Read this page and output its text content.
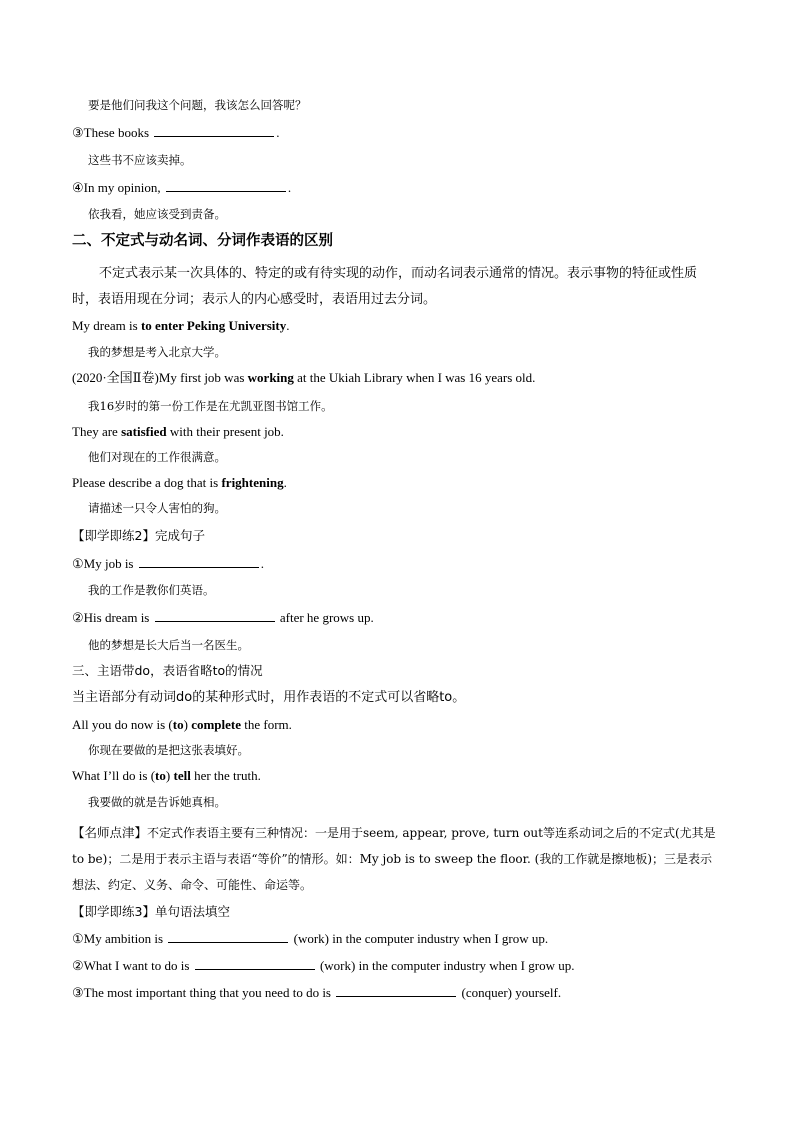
要是他们问我这个问题，我该怎么回答呢？
③These books	.
这些书不应该卖掉。
④In my opinion,	.
依我看，她应该受到责备。
二、不定式与动名词、分词作表语的区别
不定式表示某一次具体的、特定的或有待实现的动作，而动名词表示通常的情况。表示事物的特征或性质时，表语用现在分词；表示人的内心感受时，表语用过去分词。
My dream is to enter Peking University.
我的梦想是考入北京大学。
(2020·全国Ⅱ卷)My first job was working at the Ukiah Library when I was 16 years old.
我16岁时的第一份工作是在尤凯亚图书馆工作。
They are satisfied with their present job.
他们对现在的工作很满意。
Please describe a dog that is frightening.
请描述一只令人害怕的狗。
【即学即练2】完成句子
①My job is	.
我的工作是教你们英语。
②His dream is	after he grows up.
他的梦想是长大后当一名医生。
三、主语带do，表语省略to的情况
当主语部分有动词do的某种形式时，用作表语的不定式可以省略to。
All you do now is (to) complete the form.
你现在要做的是把这张表填好。
What I’ll do is (to) tell her the truth.
我要做的就是告诉她真相。
【名师点津】不定式作表语主要有三种情况：一是用于seem, appear, prove, turn out等连系动词之后的不定式(尤其是to be)；二是用于表示主语与表语“等价”的情形。如：My job is to sweep the floor. (我的工作就是擦地板)；三是表示想法、约定、义务、命令、可能性、命运等。
【即学即练3】单句语法填空
①My ambition is	(work) in the computer industry when I grow up.
②What I want to do is	(work) in the computer industry when I grow up.
③The most important thing that you need to do is	(conquer) yourself.
